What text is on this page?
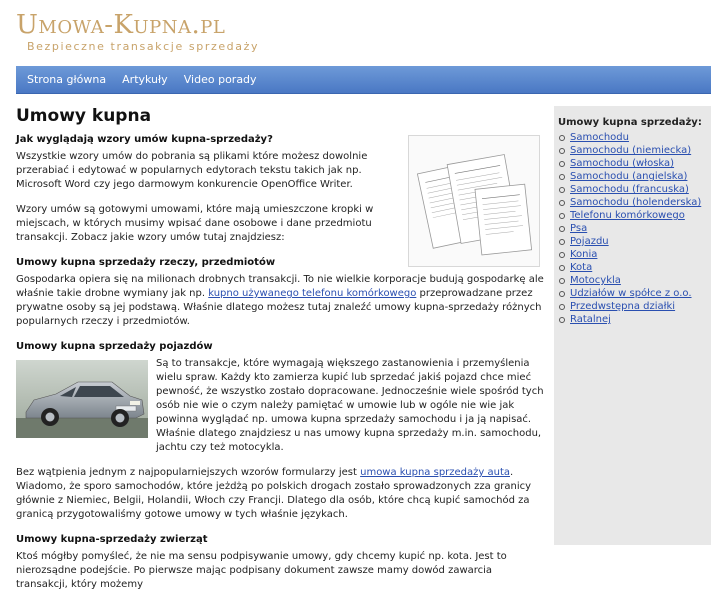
Umowa-Kupna.pl
Bezpieczne transakcje sprzedaży
Strona główna Artykuły Video porady
Umowy kupna
Jak wyglądają wzory umów kupna-sprzedaży?
Wszystkie wzory umów do pobrania są plikami które możesz dowolnie przerabiać i edytować w popularnych edytorach tekstu takich jak np. Microsoft Word czy jego darmowym konkurencie OpenOffice Writer.
Wzory umów są gotowymi umowami, które mają umieszczone kropki w miejscach, w których musimy wpisać dane osobowe i dane przedmiotu transakcji. Zobacz jakie wzory umów tutaj znajdziesz:
Umowy kupna sprzedaży rzeczy, przedmiotów
Gospodarka opiera się na milionach drobnych transakcji. To nie wielkie korporacje budują gospodarkę ale właśnie takie drobne wymiany jak np. kupno używanego telefonu komórkowego przeprowadzane przez prywatne osoby są jej podstawą. Właśnie dlatego możesz tutaj znaleźć umowy kupna-sprzedaży różnych popularnych rzeczy i przedmiotów.
Umowy kupna sprzedaży pojazdów
Są to transakcje, które wymagają większego zastanowienia i przemyślenia wielu spraw. Każdy kto zamierza kupić lub sprzedać jakiś pojazd chce mieć pewność, że wszystko zostało dopracowane. Jednocześnie wiele spośród tych osób nie wie o czym należy pamiętać w umowie lub w ogóle nie wie jak powinna wyglądać np. umowa kupna sprzedaży samochodu i ja ją napisać. Właśnie dlatego znajdziesz u nas umowy kupna sprzedaży m.in. samochodu, jachtu czy też motocykla.
Bez wątpienia jednym z najpopularniejszych wzorów formularzy jest umowa kupna sprzedaży auta. Wiadomo, że sporo samochodów, które jeżdżą po polskich drogach zostało sprowadzonych zza granicy głównie z Niemiec, Belgii, Holandii, Włoch czy Francji. Dlatego dla osób, które chcą kupić samochód za granicą przygotowaliśmy gotowe umowy w tych właśnie językach.
Umowy kupna-sprzedaży zwierząt
Ktoś mógłby pomyśleć, że nie ma sensu podpisywanie umowy, gdy chcemy kupić np. kota. Jest to nierozsądne podejście. Po pierwsze mając podpisany dokument zawsze mamy dowód zawarcia transakcji, który możemy
Umowy kupna sprzedaży:
Samochodu
Samochodu (niemiecka)
Samochodu (włoska)
Samochodu (angielska)
Samochodu (francuska)
Samochodu (holenderska)
Telefonu komórkowego
Psa
Pojazdu
Konia
Kota
Motocykla
Udziałów w spółce z o.o.
Przedwstępna działki
Ratalnej
